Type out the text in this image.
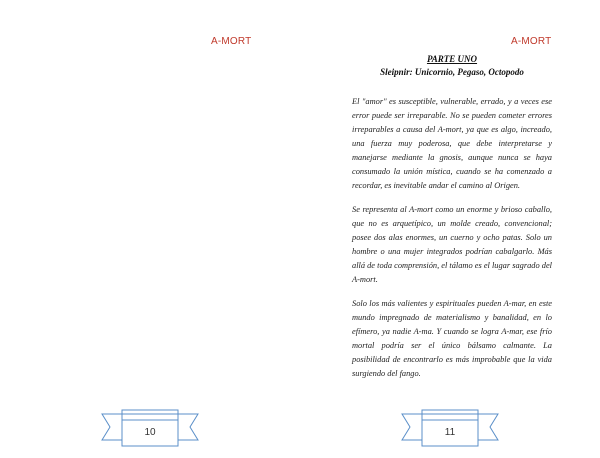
A-MORT
10
A-MORT
PARTE UNO
Sleipnir: Unicornio, Pegaso, Octopodo

El "amor" es susceptible, vulnerable, errado, y a veces ese error puede ser irreparable. No se pueden cometer errores irreparables a causa del A-mort, ya que es algo, increado, una fuerza muy poderosa, que debe interpretarse y manejarse mediante la gnosis, aunque nunca se haya consumado la unión mística, cuando se ha comenzado a recordar, es inevitable andar el camino al Origen.

Se representa al A-mort como un enorme y brioso caballo, que no es arquetípico, un molde creado, convencional; posee dos alas enormes, un cuerno y ocho patas. Solo un hombre o una mujer integrados podrían cabalgarlo. Más allá de toda comprensión, el tálamo es el lugar sagrado del A-mort.

Solo los más valientes y espirituales pueden A-mar, en este mundo impregnado de materialismo y banalidad, en lo efímero, ya nadie A-ma. Y cuando se logra A-mar, ese frío mortal podría ser el único bálsamo calmante. La posibilidad de encontrarlo es más improbable que la vida surgiendo del fango.

11
